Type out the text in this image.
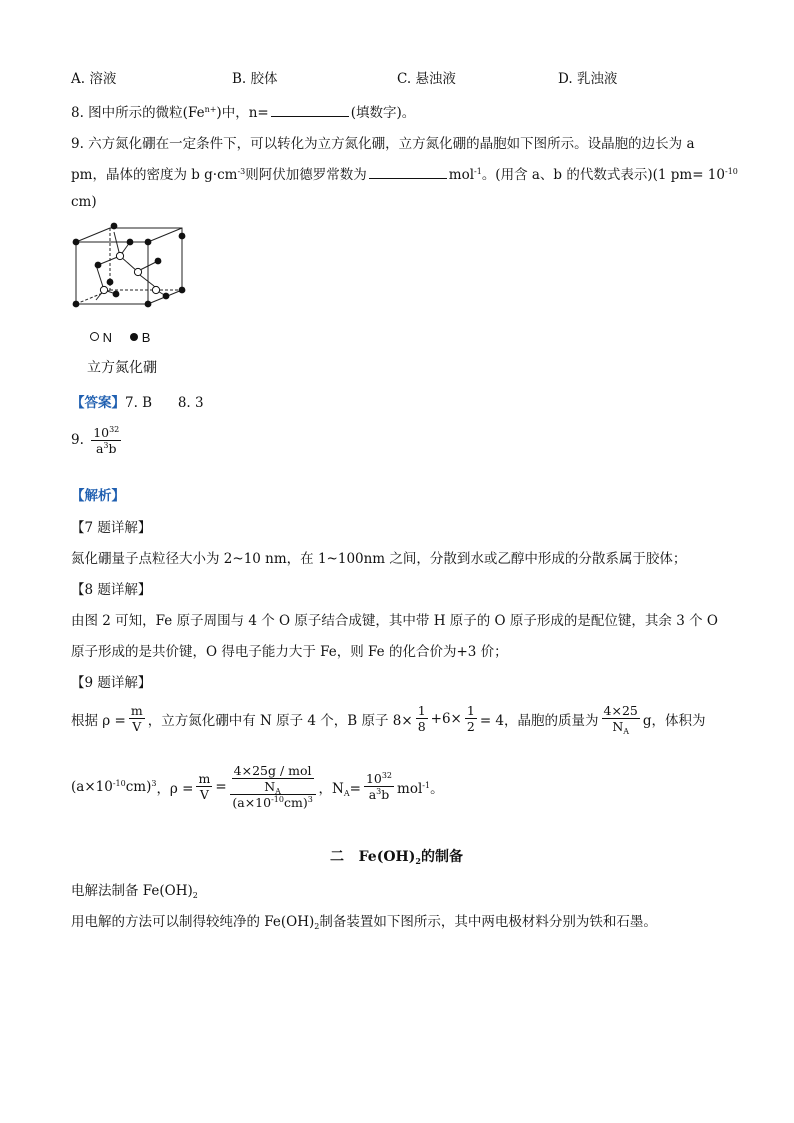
A. 溶液	B. 胶体	C. 悬浊液	D. 乳浊液
8. 图中所示的微粒$(Fe^{n+})$中，n=	(填数字)。
9. 六方氮化硼在一定条件下，可以转化为立方氮化硼，立方氮化硼的晶胞如下图所示。设晶胞的边长为 a
pm，晶体的密度为 b $g\cdot cm^{-3}$则阿伏加德罗常数为	mol$^{-1}$。(用含 a、b 的代数式表示)(1 $pm= 10^{-10}$
cm)
N B
立方氮化硼
【答案】7. B      8. 3
9. $\frac{10^{32}}{a^3b}$
【解析】
【7 题详解】
氮化硼量子点粒径大小为 2~10 nm，在 1~100nm 之间，分散到水或乙醇中形成的分散系属于胶体；
【8 题详解】
由图 2 可知，Fe 原子周围与 4 个 O 原子结合成键，其中带 H 原子的 O 原子形成的是配位键，其余 3 个 O
原子形成的是共价键，O 得电子能力大于 Fe，则 Fe 的化合价为+3 价；
【9 题详解】
根据 $\rho = \frac{m}{V}$ ，立方氮化硼中有 N 原子 4 个，B 原子 $8\times \frac{1}{8} +6\times \frac{1}{2} = 4$，晶胞的质量为 $\frac{4\times 25}{N_A}$ g，体积为
$(a\times 10^{-10}cm)^3$ ，$\rho = \frac{m}{V} = 4\times 25g$ / mol
$N_A$
$(a\times 10^{-10}cm)^3$ ，$N_A= \frac{10^{32}}{a^3b} mol^{-1}$。
二   $Fe(OH)_2$的制备
电解法制备 $Fe(OH)_2$
用电解的方法可以制得较纯净的 $Fe(OH)_2$制备装置如下图所示，其中两电极材料分别为铁和石墨。
